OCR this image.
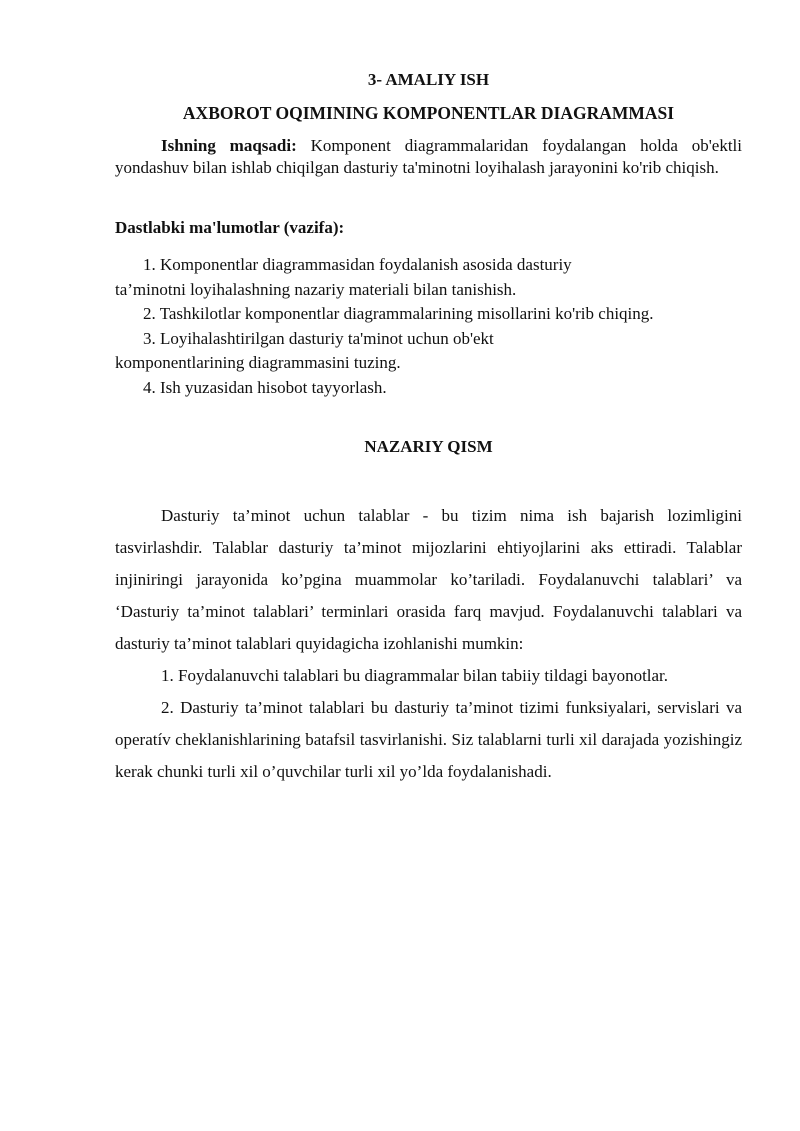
3- AMALIY ISH
AXBOROT OQIMINING KOMPONENTLAR DIAGRAMMASI
Ishning maqsadi: Komponent diagrammalaridan foydalangan holda ob'ektli yondashuv bilan ishlab chiqilgan dasturiy ta'minotni loyihalash jarayonini ko'rib chiqish.
Dastlabki ma'lumotlar (vazifa):
1. Komponentlar diagrammasidan foydalanish asosida dasturiy ta’minotni loyihalashning nazariy materiali bilan tanishish.
2. Tashkilotlar komponentlar diagrammalarining misollarini ko'rib chiqing.
3. Loyihalashtirilgan dasturiy ta'minot uchun ob'ekt komponentlarining diagrammasini tuzing.
4. Ish yuzasidan hisobot tayyorlash.
NAZARIY QISM

Dasturiy ta’minot uchun talablar - bu tizim nima ish bajarish lozimligini tasvirlashdir. Talablar dasturiy ta’minot mijozlarini ehtiyojlarini aks ettiradi. Talablar injiniringi jarayonida ko’pgina muammolar ko’tariladi. Foydalanuvchi talablari’ va ‘Dasturiy ta’minot talablari’ terminlari orasida farq mavjud. Foydalanuvchi talablari va dasturiy ta’minot talablari quyidagicha izohlanishi mumkin:

1. Foydalanuvchi talablari bu diagrammalar bilan tabiiy tildagi bayonotlar.

2. Dasturiy ta’minot talablari bu dasturiy ta’minot tizimi funksiyalari, servislari va operatív cheklanishlarining batafsil tasvirlanishi. Siz talablarni turli xil darajada yozishingiz kerak chunki turli xil o’quvchilar turli xil yo’lda foydalanishadi.
